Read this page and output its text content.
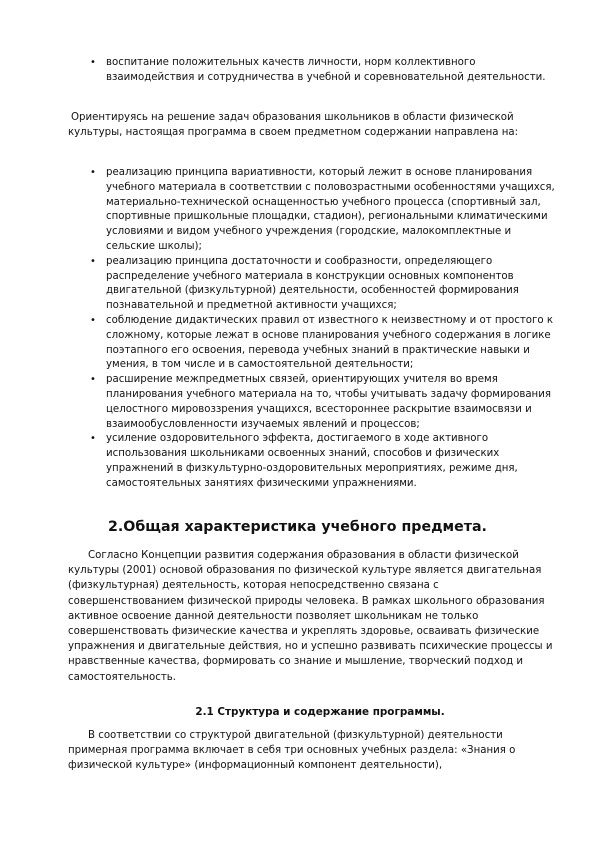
• воспитание положительных качеств личности, норм коллективного взаимодействия и сотрудничества в учебной и соревновательной деятельности.

Ориентируясь на решение задач образования школьников в области физической культуры, настоящая программа в своем предметном содержании направлена на:

• реализацию принципа вариативности, который лежит в основе планирования учебного материала в соответствии с половозрастными особенностями учащихся, материально-технической оснащенностью учебного процесса (спортивный зал, спортивные пришкольные площадки, стадион), региональными климатическими условиями и видом учебного учреждения (городские, малокомплектные и сельские школы);
• реализацию принципа достаточности и сообразности, определяющего распределение учебного материала в конструкции основных компонентов двигательной (физкультурной) деятельности, особенностей формирования познавательной и предметной активности учащихся;
• соблюдение дидактических правил от известного к неизвестному и от простого к сложному, которые лежат в основе планирования учебного содержания в логике поэтапного его освоения, перевода учебных знаний в практические навыки и умения, в том числе и в самостоятельной деятельности;
• расширение межпредметных связей, ориентирующих учителя во время планирования учебного материала на то, чтобы учитывать задачу формирования целостного мировоззрения учащихся, всестороннее раскрытие взаимосвязи и взаимообусловленности изучаемых явлений и процессов;
• усиление оздоровительного эффекта, достигаемого в ходе активного использования школьниками освоенных знаний, способов и физических упражнений в физкультурно-оздоровительных мероприятиях, режиме дня, самостоятельных занятиях физическими упражнениями.
2.Общая характеристика учебного предмета.

Согласно Концепции развития содержания образования в области физической культуры (2001) основой образования по физической культуре является двигательная (физкультурная) деятельность, которая непосредственно связана с совершенствованием физической природы человека. В рамках школьного образования активное освоение данной деятельности позволяет школьникам не только совершенствовать физические качества и укреплять здоровье, осваивать физические упражнения и двигательные действия, но и успешно развивать психические процессы и нравственные качества, формировать со знание и мышление, творческий подход и самостоятельность.

2.1 Структура и содержание программы.

В соответствии со структурой двигательной (физкультурной) деятельности примерная программа включает в себя три основных учебных раздела: «Знания о физической культуре» (информационный компонент деятельности),
